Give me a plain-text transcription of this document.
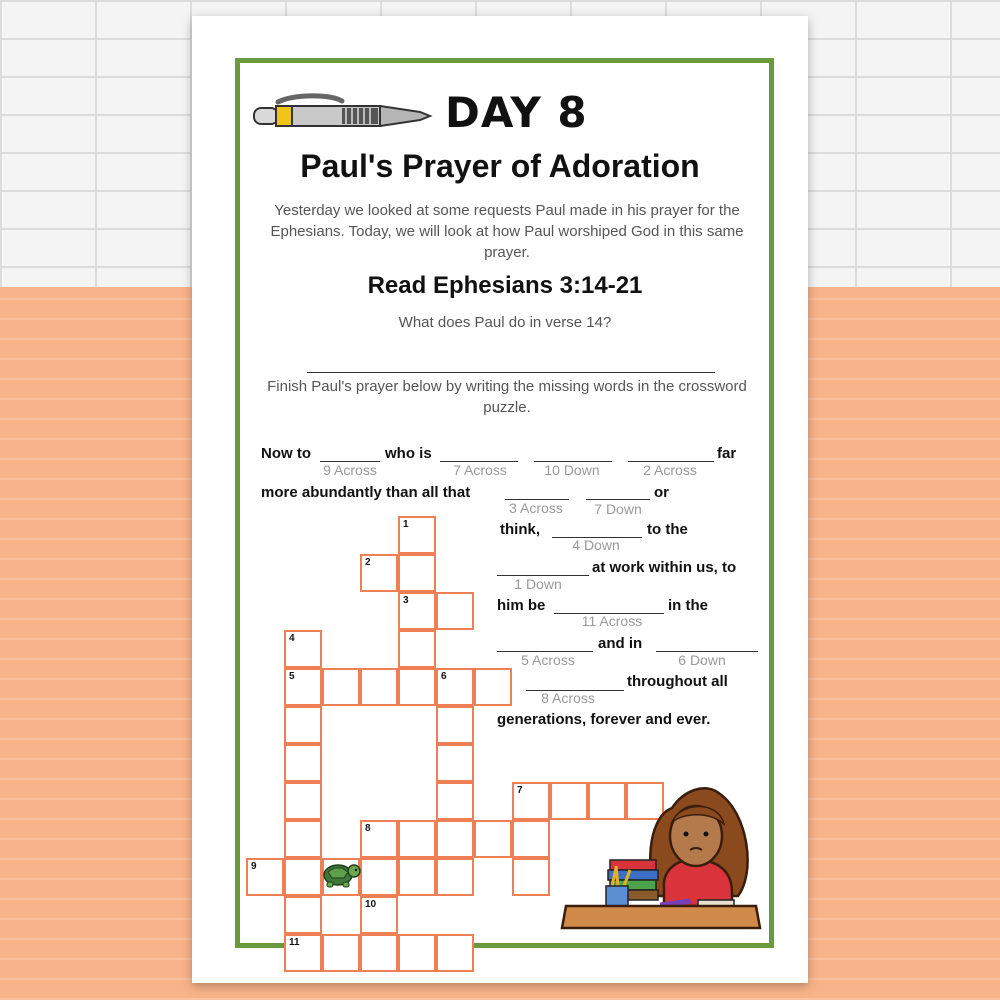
DAY 8
Paul's Prayer of Adoration
Yesterday we looked at some requests Paul made in his prayer for the Ephesians. Today, we will look at how Paul worshiped God in this same prayer.
Read Ephesians 3:14-21
What does Paul do in verse 14?
Finish Paul's prayer below by writing the missing words in the crossword puzzle.
Now to
9 Across
who is
7 Across	10 Down	2 Across
far
more abundantly than all that
3 Across	7 Down
or
think,
4 Down
to the
1 Down
at work within us, to
him be
11 Across
in the
5 Across
and in
6 Down
8 Across
throughout all
generations, forever and ever.
1
2
3
4
5	6
7
8
9
10
11
